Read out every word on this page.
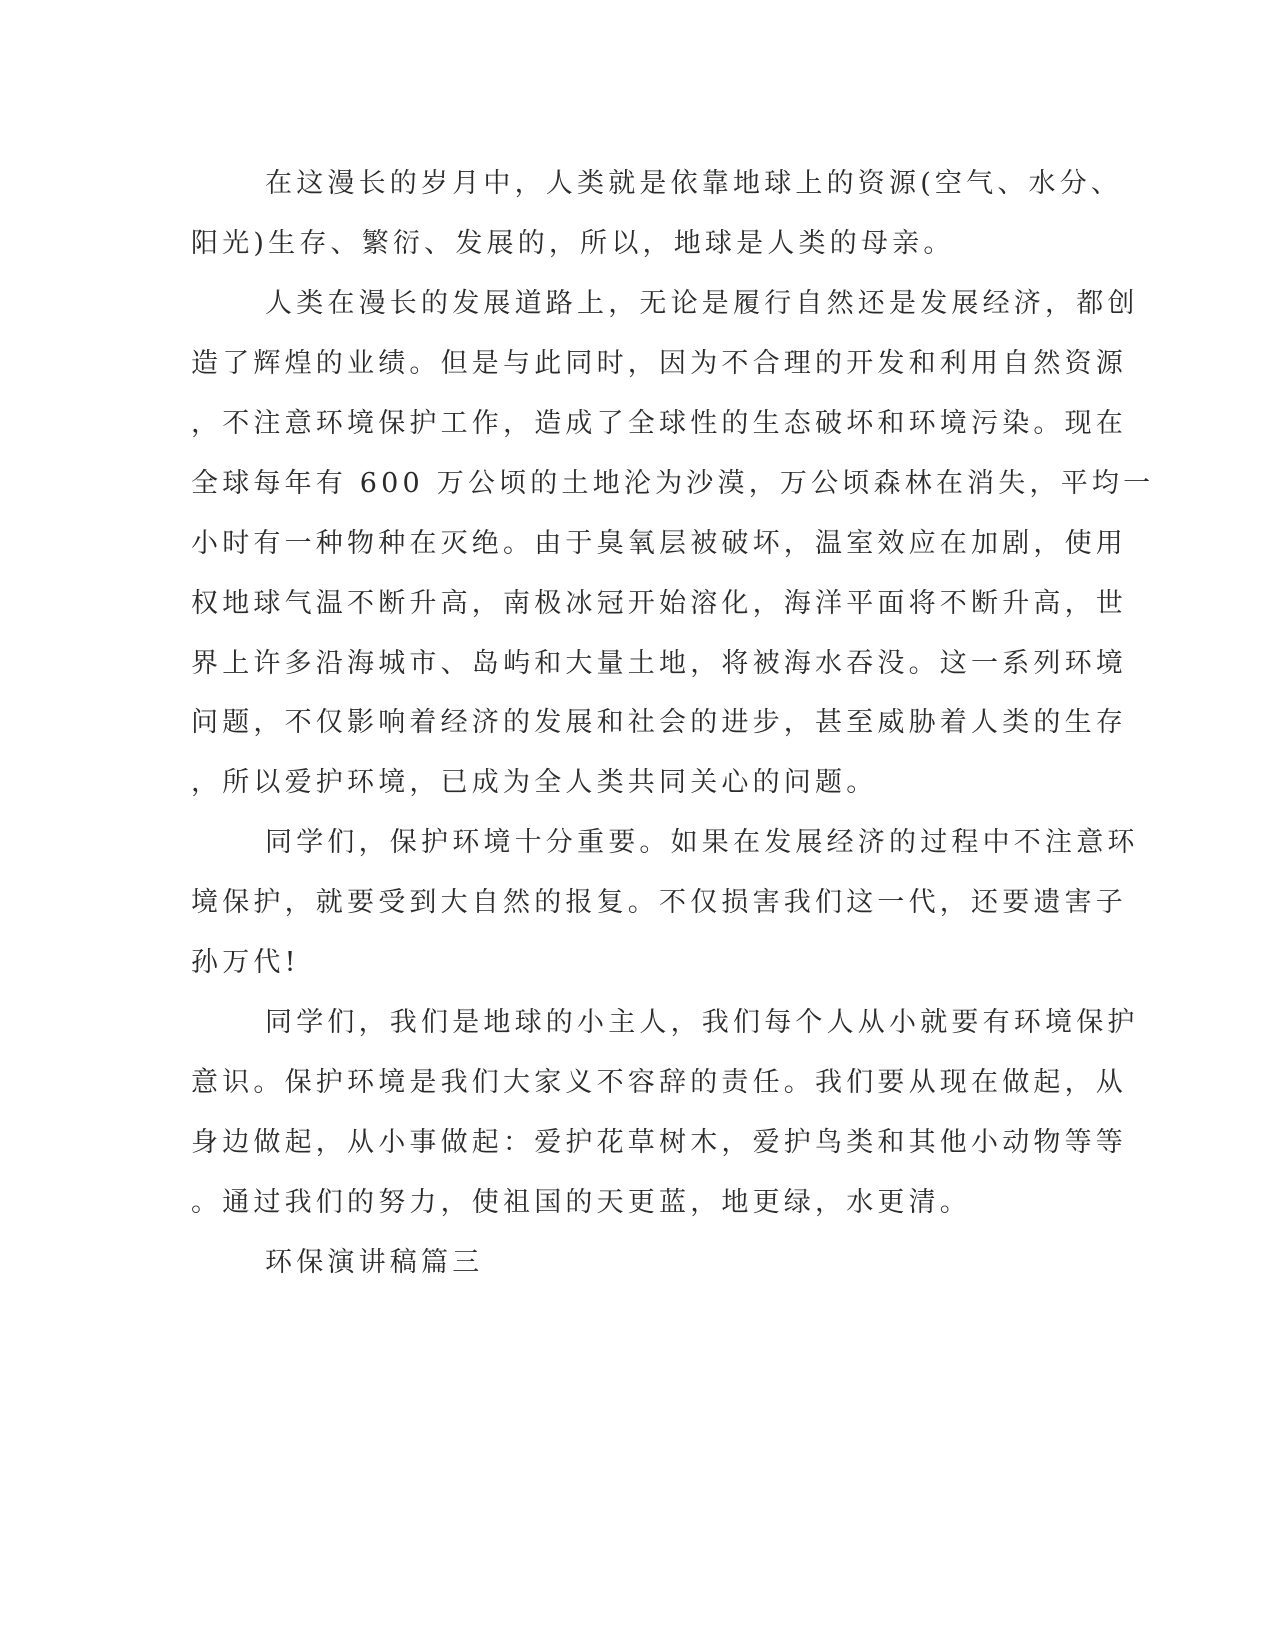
在这漫长的岁月中，人类就是依靠地球上的资源(空气、水分、

阳光)生存、繁衍、发展的，所以，地球是人类的母亲。

人类在漫长的发展道路上，无论是履行自然还是发展经济，都创

造了辉煌的业绩。但是与此同时，因为不合理的开发和利用自然资源

，不注意环境保护工作，造成了全球性的生态破坏和环境污染。现在

全球每年有 600 万公顷的土地沦为沙漠，万公顷森林在消失，平均一

小时有一种物种在灭绝。由于臭氧层被破坏，温室效应在加剧，使用

权地球气温不断升高，南极冰冠开始溶化，海洋平面将不断升高，世

界上许多沿海城市、岛屿和大量土地，将被海水吞没。这一系列环境

问题，不仅影响着经济的发展和社会的进步，甚至威胁着人类的生存

，所以爱护环境，已成为全人类共同关心的问题。

同学们，保护环境十分重要。如果在发展经济的过程中不注意环

境保护，就要受到大自然的报复。不仅损害我们这一代，还要遗害子

孙万代!

同学们，我们是地球的小主人，我们每个人从小就要有环境保护

意识。保护环境是我们大家义不容辞的责任。我们要从现在做起，从

身边做起，从小事做起：爱护花草树木，爱护鸟类和其他小动物等等

。通过我们的努力，使祖国的天更蓝，地更绿，水更清。

环保演讲稿篇三
